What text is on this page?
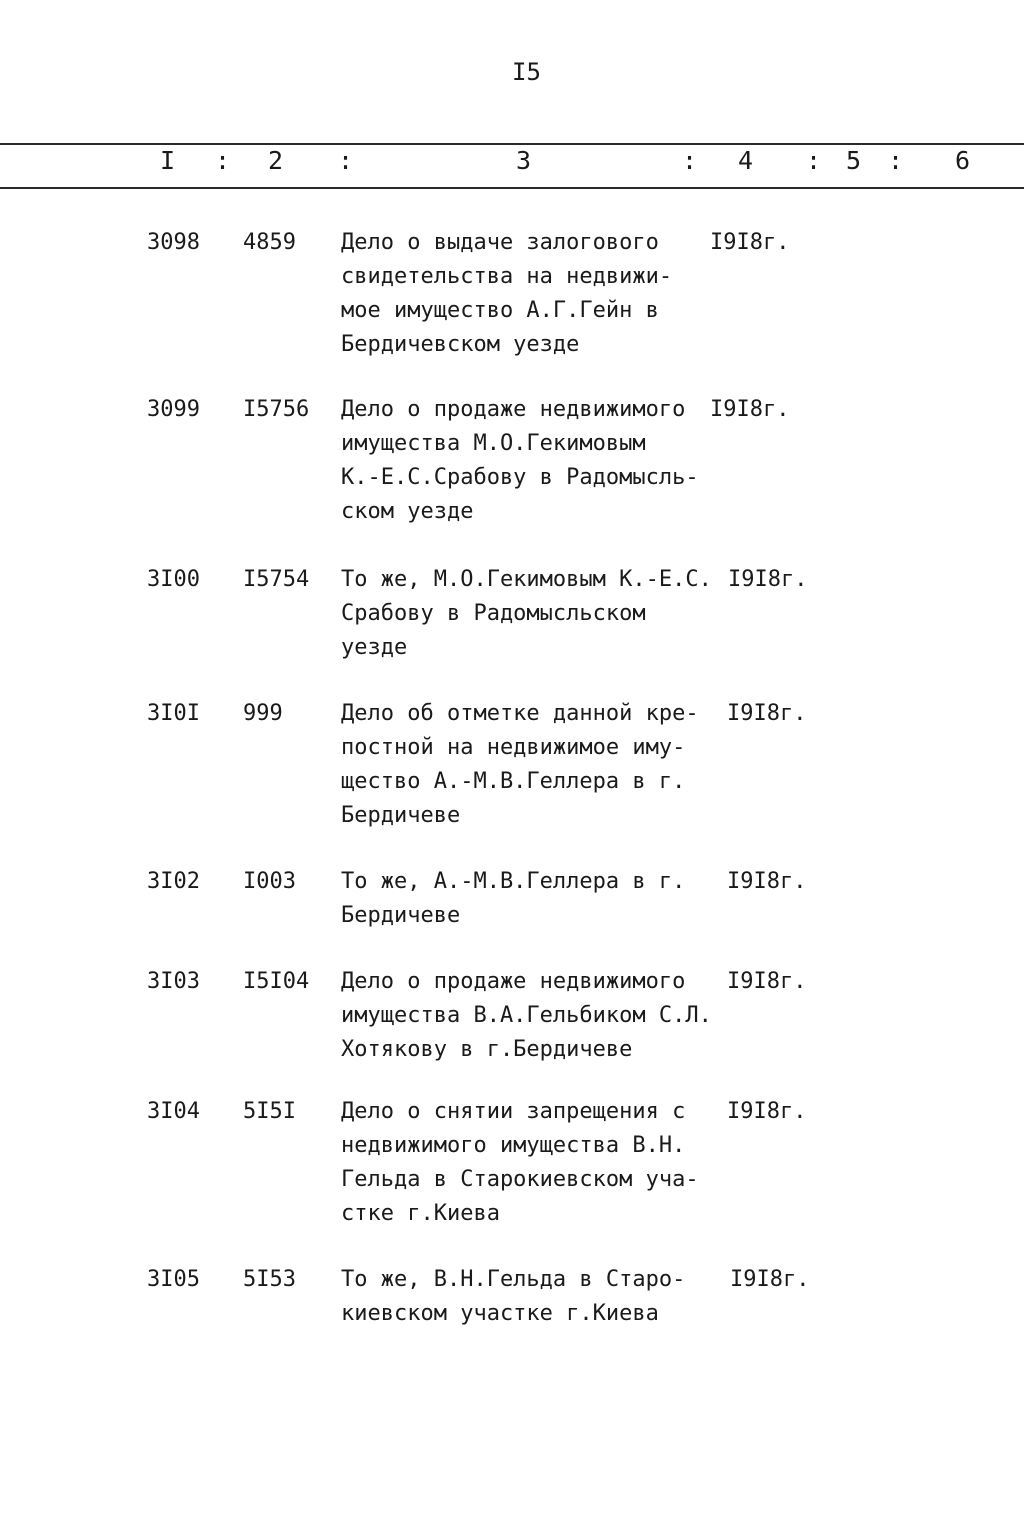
I5
I : 2 :	3	: 4 : 5 : 6
3098 4859 Дело о выдаче залогового
свидетельства на недвижи-
мое имущество А.Г.Гейн в
Бердичевском уезде
I9I8г.
3099 I5756 Дело о продаже недвижимого
имущества М.О.Гекимовым
К.-Е.С.Срабову в Радомысль-
ском уезде
I9I8г.
3I00 I5754 То же, М.О.Гекимовым К.-Е.С.
Срабову в Радомысльском
уезде
I9I8г.
3I0I 999	Дело об отметке данной кре-
постной на недвижимое иму-
щество А.-М.В.Геллера в г.
Бердичеве
I9I8г.
3I02 I003 То же, А.-М.В.Геллера в г.
Бердичеве
I9I8г.
3I03 I5I04 Дело о продаже недвижимого
имущества В.А.Гельбиком С.Л.
Хотякову в г.Бердичеве
I9I8г.
3I04 5I5I Дело о снятии запрещения с
недвижимого имущества В.Н.
Гельда в Старокиевском уча-
стке г.Киева
I9I8г.
3I05 5I53 То же, В.Н.Гельда в Старо-
киевском участке г.Киева
I9I8г.
